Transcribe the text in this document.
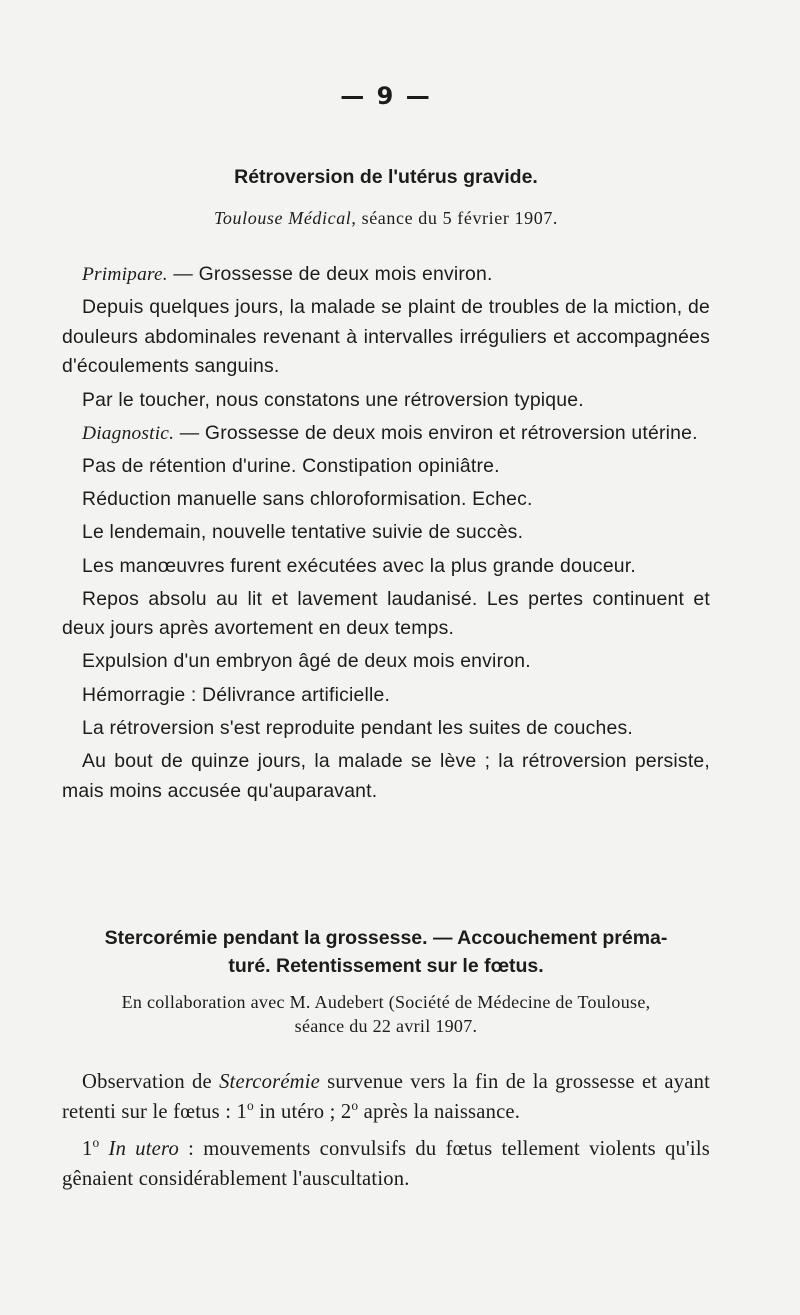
— 9 —
Rétroversion de l'utérus gravide.
Toulouse Médical, séance du 5 février 1907.

Primipare. — Grossesse de deux mois environ.

Depuis quelques jours, la malade se plaint de troubles de la miction, de douleurs abdominales revenant à intervalles irréguliers et accompagnées d'écoulements sanguins.

Par le toucher, nous constatons une rétroversion typique.

Diagnostic. — Grossesse de deux mois environ et rétroversion utérine.

Pas de rétention d'urine. Constipation opiniâtre.

Réduction manuelle sans chloroformisation. Echec.

Le lendemain, nouvelle tentative suivie de succès.

Les manœuvres furent exécutées avec la plus grande douceur.

Repos absolu au lit et lavement laudanisé. Les pertes continuent et deux jours après avortement en deux temps.

Expulsion d'un embryon âgé de deux mois environ.

Hémorragie : Délivrance artificielle.

La rétroversion s'est reproduite pendant les suites de couches.

Au bout de quinze jours, la malade se lève ; la rétroversion persiste, mais moins accusée qu'auparavant.

Stercorémie pendant la grossesse. — Accouchement préma-
turé. Retentissement sur le fœtus.
En collaboration avec M. Audebert (Société de Médecine de Toulouse,
séance du 22 avril 1907.

Observation de Stercorémie survenue vers la fin de la grossesse et ayant retenti sur le fœtus : 1$^o$ in utéro ; 2$^o$ après la naissance.

1$^o$ In utero : mouvements convulsifs du fœtus tellement violents qu'ils gênaient considérablement l'auscultation.
